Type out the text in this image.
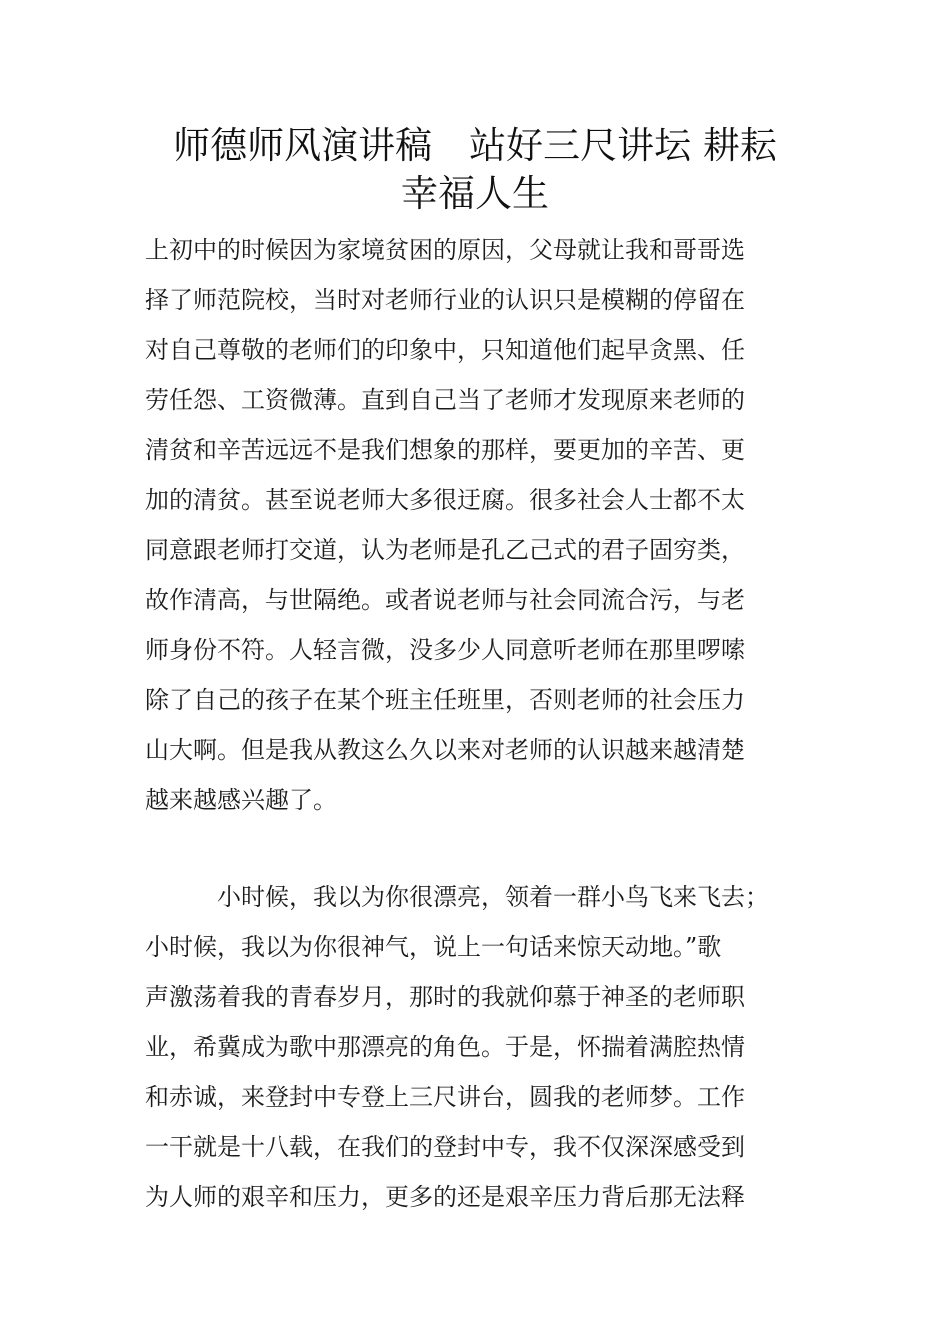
师德师风演讲稿　站好三尺讲坛 耕耘
幸福人生
上初中的时候因为家境贫困的原因，父母就让我和哥哥选
择了师范院校，当时对老师行业的认识只是模糊的停留在
对自己尊敬的老师们的印象中，只知道他们起早贪黑、任
劳任怨、工资微薄。直到自己当了老师才发现原来老师的
清贫和辛苦远远不是我们想象的那样，要更加的辛苦、更
加的清贫。甚至说老师大多很迂腐。很多社会人士都不太
同意跟老师打交道，认为老师是孔乙己式的君子固穷类，
故作清高，与世隔绝。或者说老师与社会同流合污，与老
师身份不符。人轻言微，没多少人同意听老师在那里啰嗦
除了自己的孩子在某个班主任班里，否则老师的社会压力
山大啊。但是我从教这么久以来对老师的认识越来越清楚
越来越感兴趣了。
　　　小时候，我以为你很漂亮，领着一群小鸟飞来飞去；
小时候，我以为你很神气，说上一句话来惊天动地。”歌
声激荡着我的青春岁月，那时的我就仰慕于神圣的老师职
业，希冀成为歌中那漂亮的角色。于是，怀揣着满腔热情
和赤诚，来登封中专登上三尺讲台，圆我的老师梦。工作
一干就是十八载，在我们的登封中专，我不仅深深感受到
为人师的艰辛和压力，更多的还是艰辛压力背后那无法释
